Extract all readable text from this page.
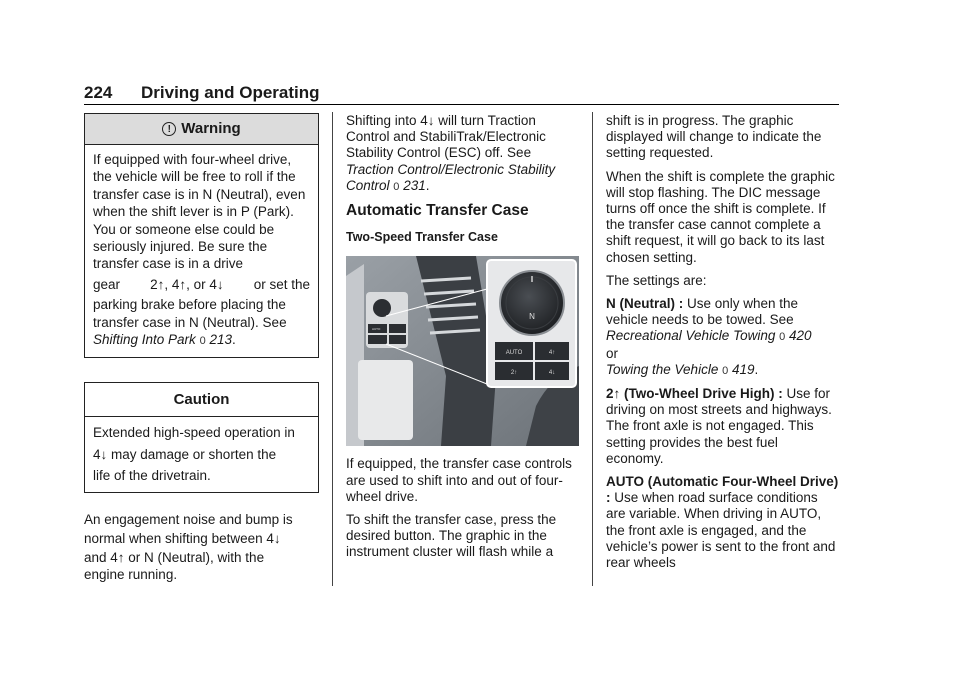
224 Driving and Operating
! Warning

If equipped with four-wheel drive, the vehicle will be free to roll if the transfer case is in N (Neutral), even when the shift lever is in P (Park). You or someone else could be seriously injured. Be sure the transfer case is in a drive

gear 2↑, 4↑, or 4↓ or set the

parking brake before placing the transfer case in N (Neutral). See

Shifting Into Park 0 213.

Caution

Extended high-speed operation in

4↓ may damage or shorten the

life of the drivetrain.

An engagement noise and bump is
normal when shifting between 4↓
and 4↑ or N (Neutral), with the
engine running.

Shifting into 4↓ will turn Traction Control and StabiliTrak/Electronic Stability Control (ESC) off. See Traction Control/Electronic Stability Control 0 231.

Automatic Transfer Case
Two-Speed Transfer Case
N
AUTO	4↑
2↑	4↓
AUTO

If equipped, the transfer case controls are used to shift into and out of four-wheel drive.

To shift the transfer case, press the desired button. The graphic in the instrument cluster will flash while a

shift is in progress. The graphic displayed will change to indicate the setting requested.

When the shift is complete the graphic will stop flashing. The DIC message turns off once the shift is complete. If the transfer case cannot complete a shift request, it will go back to its last chosen setting.

The settings are:

N (Neutral) : Use only when the vehicle needs to be towed. See
Recreational Vehicle Towing 0 420
or
Towing the Vehicle 0 419.

2↑ (Two-Wheel Drive High) : Use for driving on most streets and highways. The front axle is not engaged. This setting provides the best fuel economy.

AUTO (Automatic Four-Wheel Drive) : Use when road surface conditions are variable. When driving in AUTO, the front axle is engaged, and the vehicle’s power is sent to the front and rear wheels
